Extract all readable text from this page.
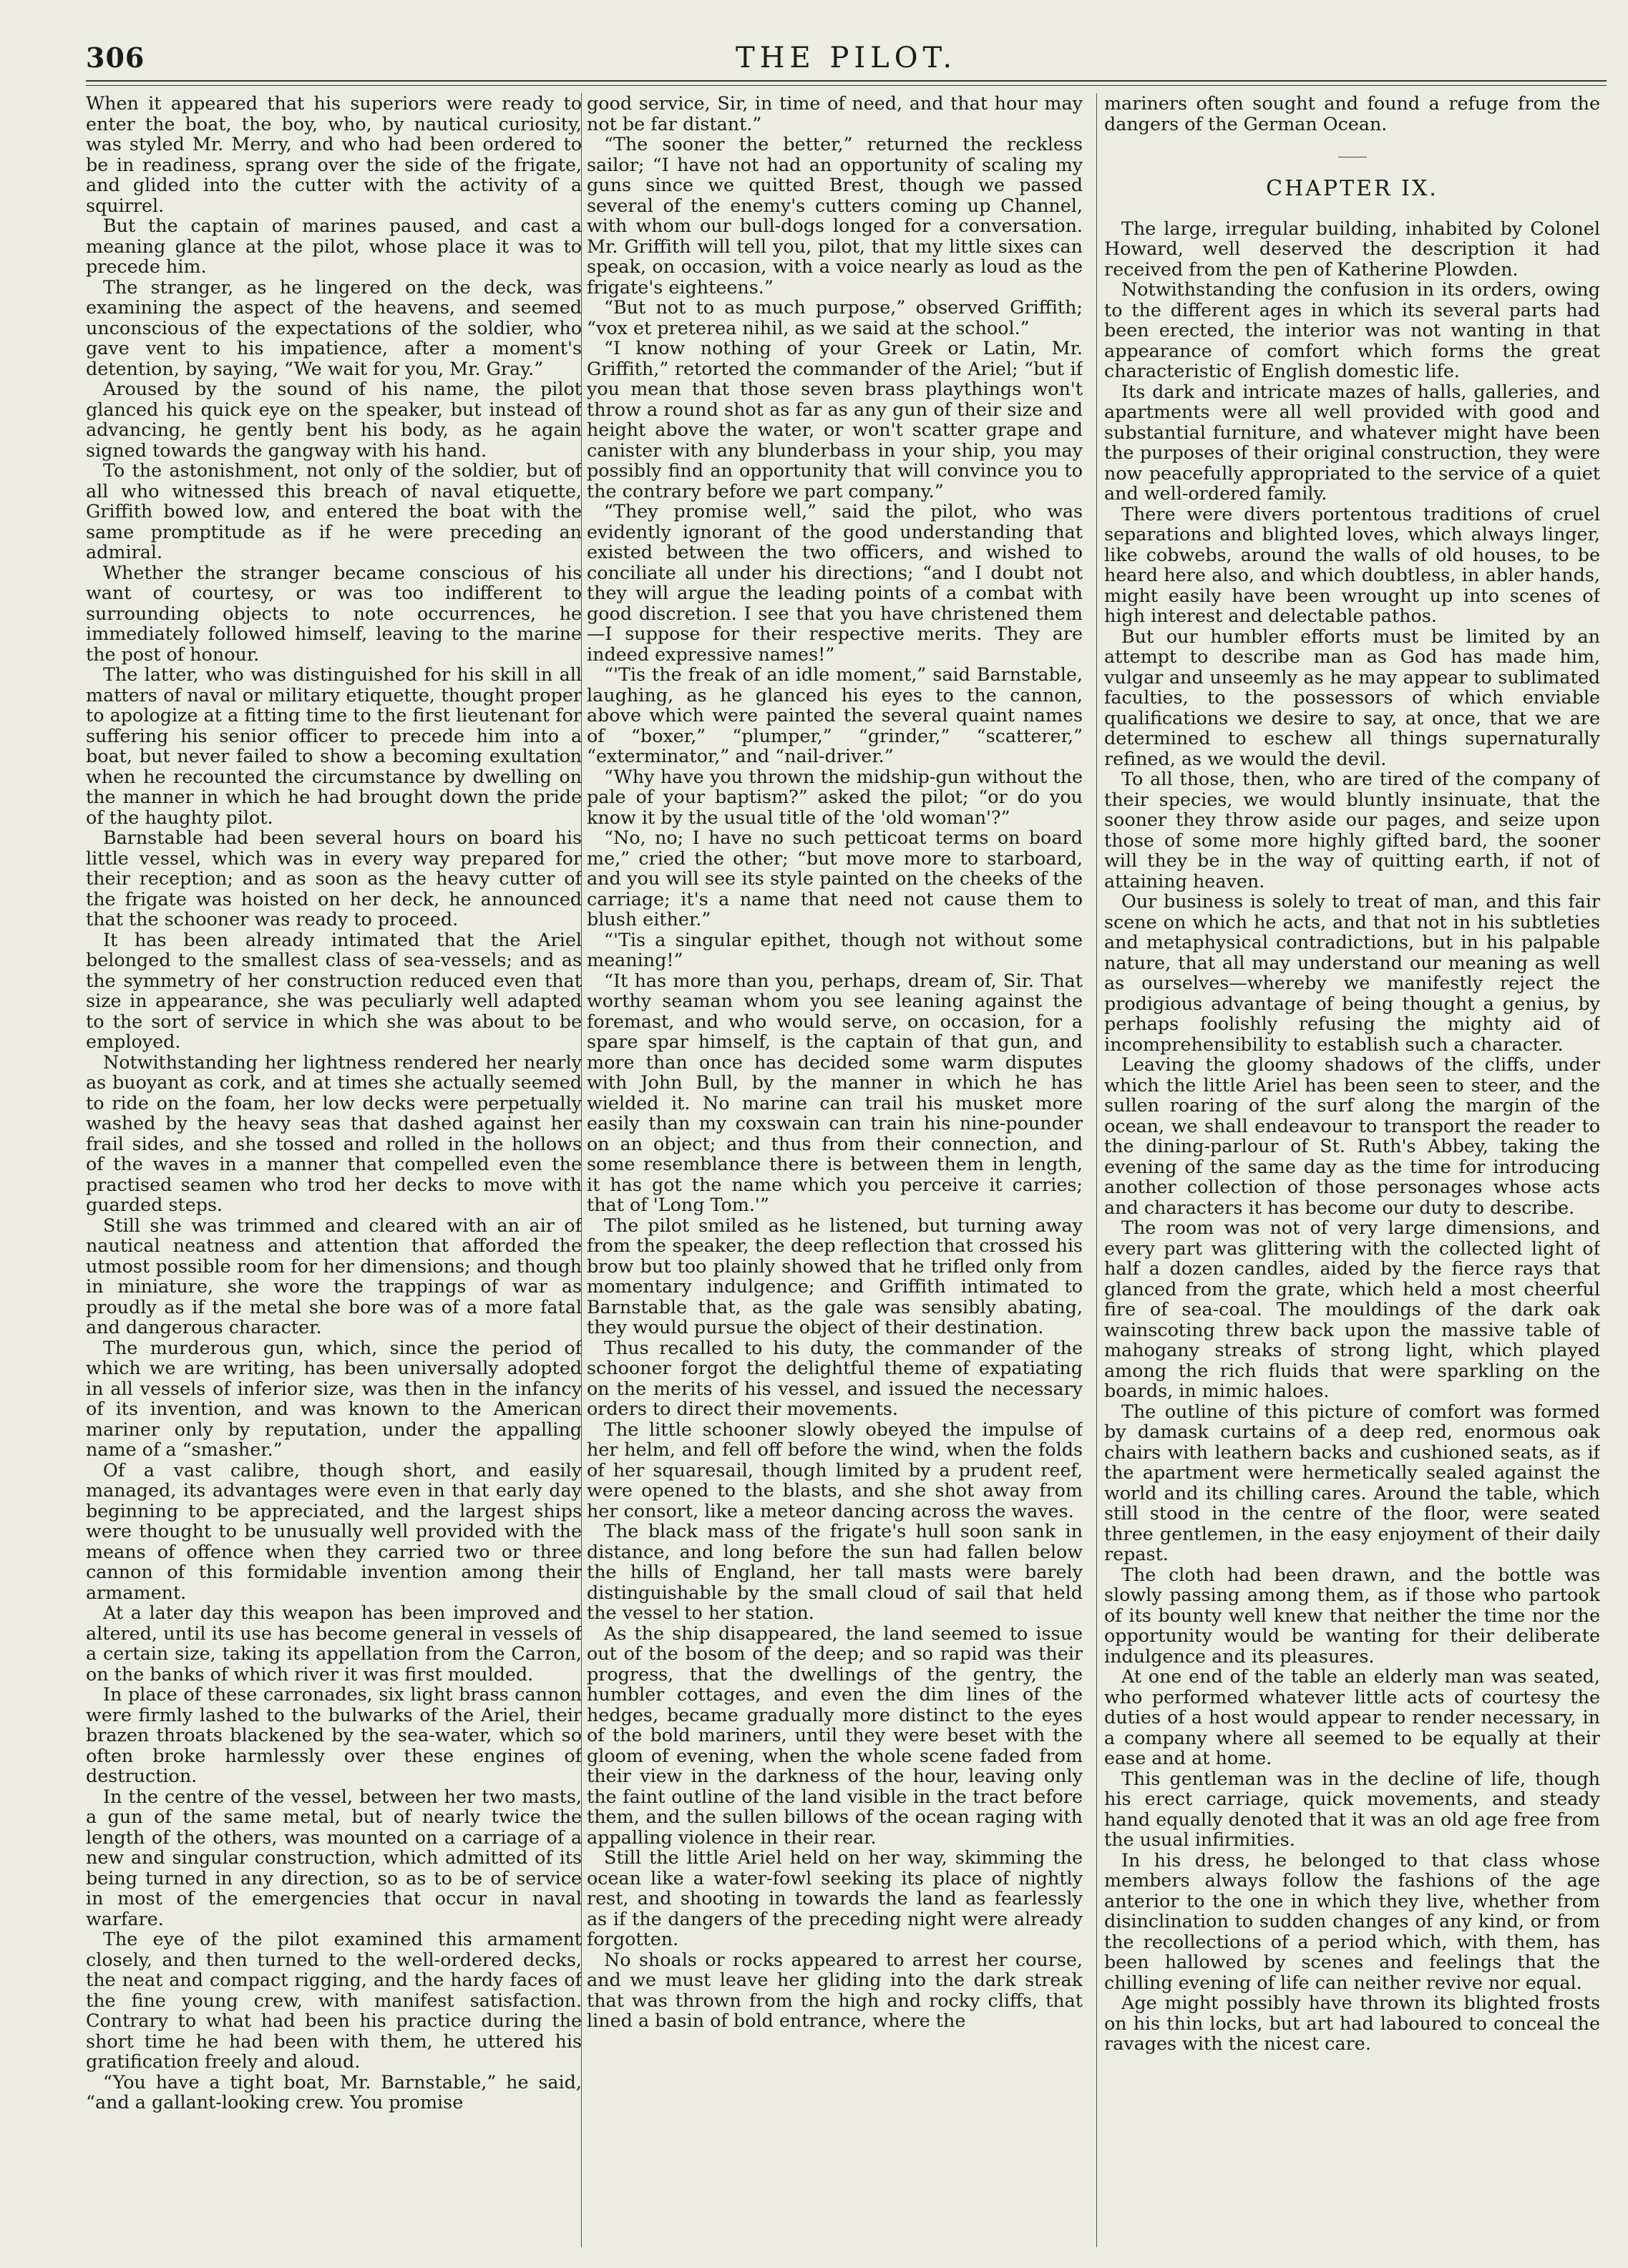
306	THE PILOT.

When it appeared that his superiors were ready to enter the boat, the boy, who, by nautical curiosity, was styled Mr. Merry, and who had been ordered to be in readiness, sprang over the side of the frigate, and glided into the cutter with the activity of a squirrel.

But the captain of marines paused, and cast a meaning glance at the pilot, whose place it was to precede him.

The stranger, as he lingered on the deck, was examining the aspect of the heavens, and seemed unconscious of the expectations of the soldier, who gave vent to his impatience, after a moment's detention, by saying, “We wait for you, Mr. Gray.”

Aroused by the sound of his name, the pilot glanced his quick eye on the speaker, but instead of advancing, he gently bent his body, as he again signed towards the gangway with his hand.

To the astonishment, not only of the soldier, but of all who witnessed this breach of naval etiquette, Griffith bowed low, and entered the boat with the same promptitude as if he were preceding an admiral.

Whether the stranger became conscious of his want of courtesy, or was too indifferent to surrounding objects to note occurrences, he immediately followed himself, leaving to the marine the post of honour.

The latter, who was distinguished for his skill in all matters of naval or military etiquette, thought proper to apologize at a fitting time to the first lieutenant for suffering his senior officer to precede him into a boat, but never failed to show a becoming exultation when he recounted the circumstance by dwelling on the manner in which he had brought down the pride of the haughty pilot.

Barnstable had been several hours on board his little vessel, which was in every way prepared for their reception; and as soon as the heavy cutter of the frigate was hoisted on her deck, he announced that the schooner was ready to proceed.

It has been already intimated that the Ariel belonged to the smallest class of sea-vessels; and as the symmetry of her construction reduced even that size in appearance, she was peculiarly well adapted to the sort of service in which she was about to be employed.

Notwithstanding her lightness rendered her nearly as buoyant as cork, and at times she actually seemed to ride on the foam, her low decks were perpetually washed by the heavy seas that dashed against her frail sides, and she tossed and rolled in the hollows of the waves in a manner that compelled even the practised seamen who trod her decks to move with guarded steps.

Still she was trimmed and cleared with an air of nautical neatness and attention that afforded the utmost possible room for her dimensions; and though in miniature, she wore the trappings of war as proudly as if the metal she bore was of a more fatal and dangerous character.

The murderous gun, which, since the period of which we are writing, has been universally adopted in all vessels of inferior size, was then in the infancy of its invention, and was known to the American mariner only by reputation, under the appalling name of a “smasher.”

Of a vast calibre, though short, and easily managed, its advantages were even in that early day beginning to be appreciated, and the largest ships were thought to be unusually well provided with the means of offence when they carried two or three cannon of this formidable invention among their armament.

At a later day this weapon has been improved and altered, until its use has become general in vessels of a certain size, taking its appellation from the Carron, on the banks of which river it was first moulded.

In place of these carronades, six light brass cannon were firmly lashed to the bulwarks of the Ariel, their brazen throats blackened by the sea-water, which so often broke harmlessly over these engines of destruction.

In the centre of the vessel, between her two masts, a gun of the same metal, but of nearly twice the length of the others, was mounted on a carriage of a new and singular construction, which admitted of its being turned in any direction, so as to be of service in most of the emergencies that occur in naval warfare.

The eye of the pilot examined this armament closely, and then turned to the well-ordered decks, the neat and compact rigging, and the hardy faces of the fine young crew, with manifest satisfaction. Contrary to what had been his practice during the short time he had been with them, he uttered his gratification freely and aloud.

“You have a tight boat, Mr. Barnstable,” he said, “and a gallant-looking crew. You promise

good service, Sir, in time of need, and that hour may not be far distant.”

“The sooner the better,” returned the reckless sailor; “I have not had an opportunity of scaling my guns since we quitted Brest, though we passed several of the enemy's cutters coming up Channel, with whom our bull-dogs longed for a conversation. Mr. Griffith will tell you, pilot, that my little sixes can speak, on occasion, with a voice nearly as loud as the frigate's eighteens.”

“But not to as much purpose,” observed Griffith; “vox et preterea nihil, as we said at the school.”

“I know nothing of your Greek or Latin, Mr. Griffith,” retorted the commander of the Ariel; “but if you mean that those seven brass playthings won't throw a round shot as far as any gun of their size and height above the water, or won't scatter grape and canister with any blunderbass in your ship, you may possibly find an opportunity that will convince you to the contrary before we part company.”

“They promise well,” said the pilot, who was evidently ignorant of the good understanding that existed between the two officers, and wished to conciliate all under his directions; “and I doubt not they will argue the leading points of a combat with good discretion. I see that you have christened them—I suppose for their respective merits. They are indeed expressive names!”

“'Tis the freak of an idle moment,” said Barnstable, laughing, as he glanced his eyes to the cannon, above which were painted the several quaint names of “boxer,” “plumper,” “grinder,” “scatterer,” “exterminator,” and “nail-driver.”

“Why have you thrown the midship-gun without the pale of your baptism?” asked the pilot; “or do you know it by the usual title of the 'old woman'?”

“No, no; I have no such petticoat terms on board me,” cried the other; “but move more to starboard, and you will see its style painted on the cheeks of the carriage; it's a name that need not cause them to blush either.”

“'Tis a singular epithet, though not without some meaning!”

“It has more than you, perhaps, dream of, Sir. That worthy seaman whom you see leaning against the foremast, and who would serve, on occasion, for a spare spar himself, is the captain of that gun, and more than once has decided some warm disputes with John Bull, by the manner in which he has wielded it. No marine can trail his musket more easily than my coxswain can train his nine-pounder on an object; and thus from their connection, and some resemblance there is between them in length, it has got the name which you perceive it carries; that of 'Long Tom.'”

The pilot smiled as he listened, but turning away from the speaker, the deep reflection that crossed his brow but too plainly showed that he trifled only from momentary indulgence; and Griffith intimated to Barnstable that, as the gale was sensibly abating, they would pursue the object of their destination.

Thus recalled to his duty, the commander of the schooner forgot the delightful theme of expatiating on the merits of his vessel, and issued the necessary orders to direct their movements.

The little schooner slowly obeyed the impulse of her helm, and fell off before the wind, when the folds of her squaresail, though limited by a prudent reef, were opened to the blasts, and she shot away from her consort, like a meteor dancing across the waves.

The black mass of the frigate's hull soon sank in distance, and long before the sun had fallen below the hills of England, her tall masts were barely distinguishable by the small cloud of sail that held the vessel to her station.

As the ship disappeared, the land seemed to issue out of the bosom of the deep; and so rapid was their progress, that the dwellings of the gentry, the humbler cottages, and even the dim lines of the hedges, became gradually more distinct to the eyes of the bold mariners, until they were beset with the gloom of evening, when the whole scene faded from their view in the darkness of the hour, leaving only the faint outline of the land visible in the tract before them, and the sullen billows of the ocean raging with appalling violence in their rear.

Still the little Ariel held on her way, skimming the ocean like a water-fowl seeking its place of nightly rest, and shooting in towards the land as fearlessly as if the dangers of the preceding night were already forgotten.

No shoals or rocks appeared to arrest her course, and we must leave her gliding into the dark streak that was thrown from the high and rocky cliffs, that lined a basin of bold entrance, where the

mariners often sought and found a refuge from the dangers of the German Ocean.

CHAPTER IX.

The large, irregular building, inhabited by Colonel Howard, well deserved the description it had received from the pen of Katherine Plowden.

Notwithstanding the confusion in its orders, owing to the different ages in which its several parts had been erected, the interior was not wanting in that appearance of comfort which forms the great characteristic of English domestic life.

Its dark and intricate mazes of halls, galleries, and apartments were all well provided with good and substantial furniture, and whatever might have been the purposes of their original construction, they were now peacefully appropriated to the service of a quiet and well-ordered family.

There were divers portentous traditions of cruel separations and blighted loves, which always linger, like cobwebs, around the walls of old houses, to be heard here also, and which doubtless, in abler hands, might easily have been wrought up into scenes of high interest and delectable pathos.

But our humbler efforts must be limited by an attempt to describe man as God has made him, vulgar and unseemly as he may appear to sublimated faculties, to the possessors of which enviable qualifications we desire to say, at once, that we are determined to eschew all things supernaturally refined, as we would the devil.

To all those, then, who are tired of the company of their species, we would bluntly insinuate, that the sooner they throw aside our pages, and seize upon those of some more highly gifted bard, the sooner will they be in the way of quitting earth, if not of attaining heaven.

Our business is solely to treat of man, and this fair scene on which he acts, and that not in his subtleties and metaphysical contradictions, but in his palpable nature, that all may understand our meaning as well as ourselves—whereby we manifestly reject the prodigious advantage of being thought a genius, by perhaps foolishly refusing the mighty aid of incomprehensibility to establish such a character.

Leaving the gloomy shadows of the cliffs, under which the little Ariel has been seen to steer, and the sullen roaring of the surf along the margin of the ocean, we shall endeavour to transport the reader to the dining-parlour of St. Ruth's Abbey, taking the evening of the same day as the time for introducing another collection of those personages whose acts and characters it has become our duty to describe.

The room was not of very large dimensions, and every part was glittering with the collected light of half a dozen candles, aided by the fierce rays that glanced from the grate, which held a most cheerful fire of sea-coal. The mouldings of the dark oak wainscoting threw back upon the massive table of mahogany streaks of strong light, which played among the rich fluids that were sparkling on the boards, in mimic haloes.

The outline of this picture of comfort was formed by damask curtains of a deep red, enormous oak chairs with leathern backs and cushioned seats, as if the apartment were hermetically sealed against the world and its chilling cares. Around the table, which still stood in the centre of the floor, were seated three gentlemen, in the easy enjoyment of their daily repast.

The cloth had been drawn, and the bottle was slowly passing among them, as if those who partook of its bounty well knew that neither the time nor the opportunity would be wanting for their deliberate indulgence and its pleasures.

At one end of the table an elderly man was seated, who performed whatever little acts of courtesy the duties of a host would appear to render necessary, in a company where all seemed to be equally at their ease and at home.

This gentleman was in the decline of life, though his erect carriage, quick movements, and steady hand equally denoted that it was an old age free from the usual infirmities.

In his dress, he belonged to that class whose members always follow the fashions of the age anterior to the one in which they live, whether from disinclination to sudden changes of any kind, or from the recollections of a period which, with them, has been hallowed by scenes and feelings that the chilling evening of life can neither revive nor equal.

Age might possibly have thrown its blighted frosts on his thin locks, but art had laboured to conceal the ravages with the nicest care.
